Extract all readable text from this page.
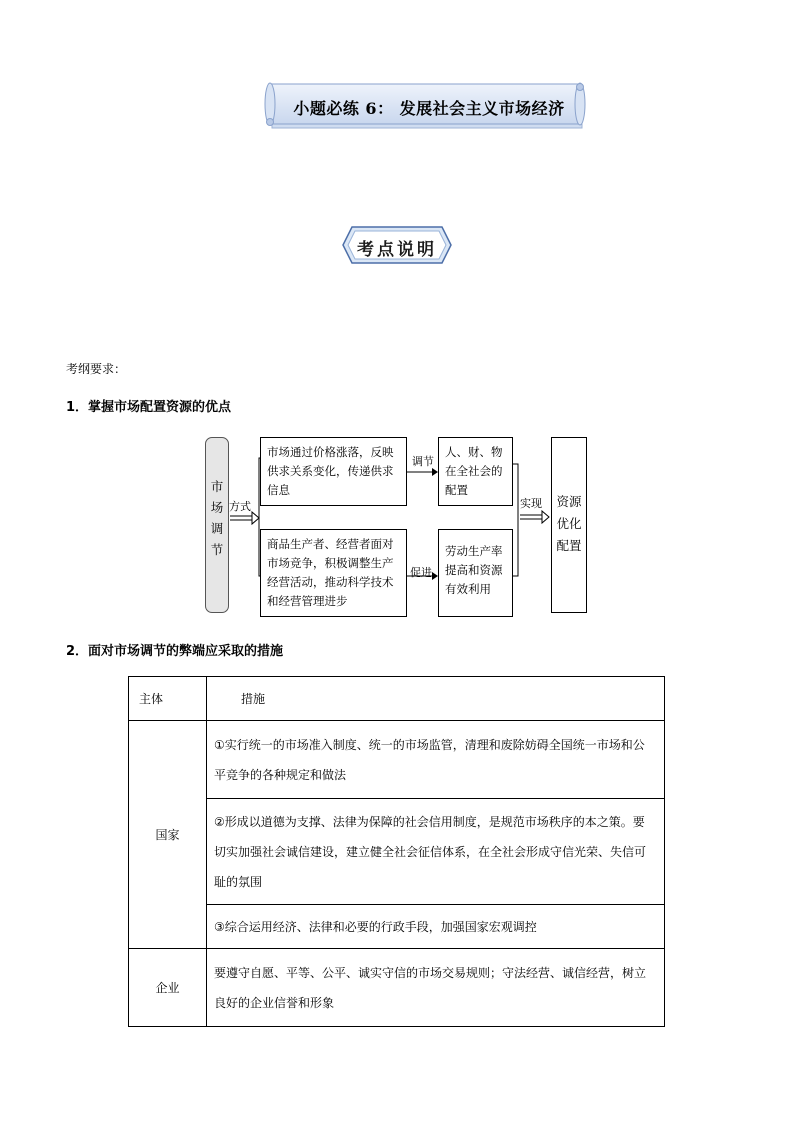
小题必练 6： 发展社会主义市场经济
考点说明
考纲要求：
1．掌握市场配置资源的优点
市场调节
方式
市场通过价格涨落，反映供求关系变化，传递供求信息
商品生产者、经营者面对市场竞争，积极调整生产经营活动，推动科学技术和经营管理进步
调节
促进
人、财、物在全社会的配置
劳动生产率提高和资源有效利用
实现	资源优化配置
2．面对市场调节的弊端应采取的措施
主体	措施
国家	①实行统一的市场准入制度、统一的市场监管，清理和废除妨碍全国统一市场和公平竞争的各种规定和做法
	②形成以道德为支撑、法律为保障的社会信用制度，是规范市场秩序的本之策。要切实加强社会诚信建设，建立健全社会征信体系，在全社会形成守信光荣、失信可耻的氛围
	③综合运用经济、法律和必要的行政手段，加强国家宏观调控
企业	要遵守自愿、平等、公平、诚实守信的市场交易规则；守法经营、诚信经营，树立良好的企业信誉和形象
